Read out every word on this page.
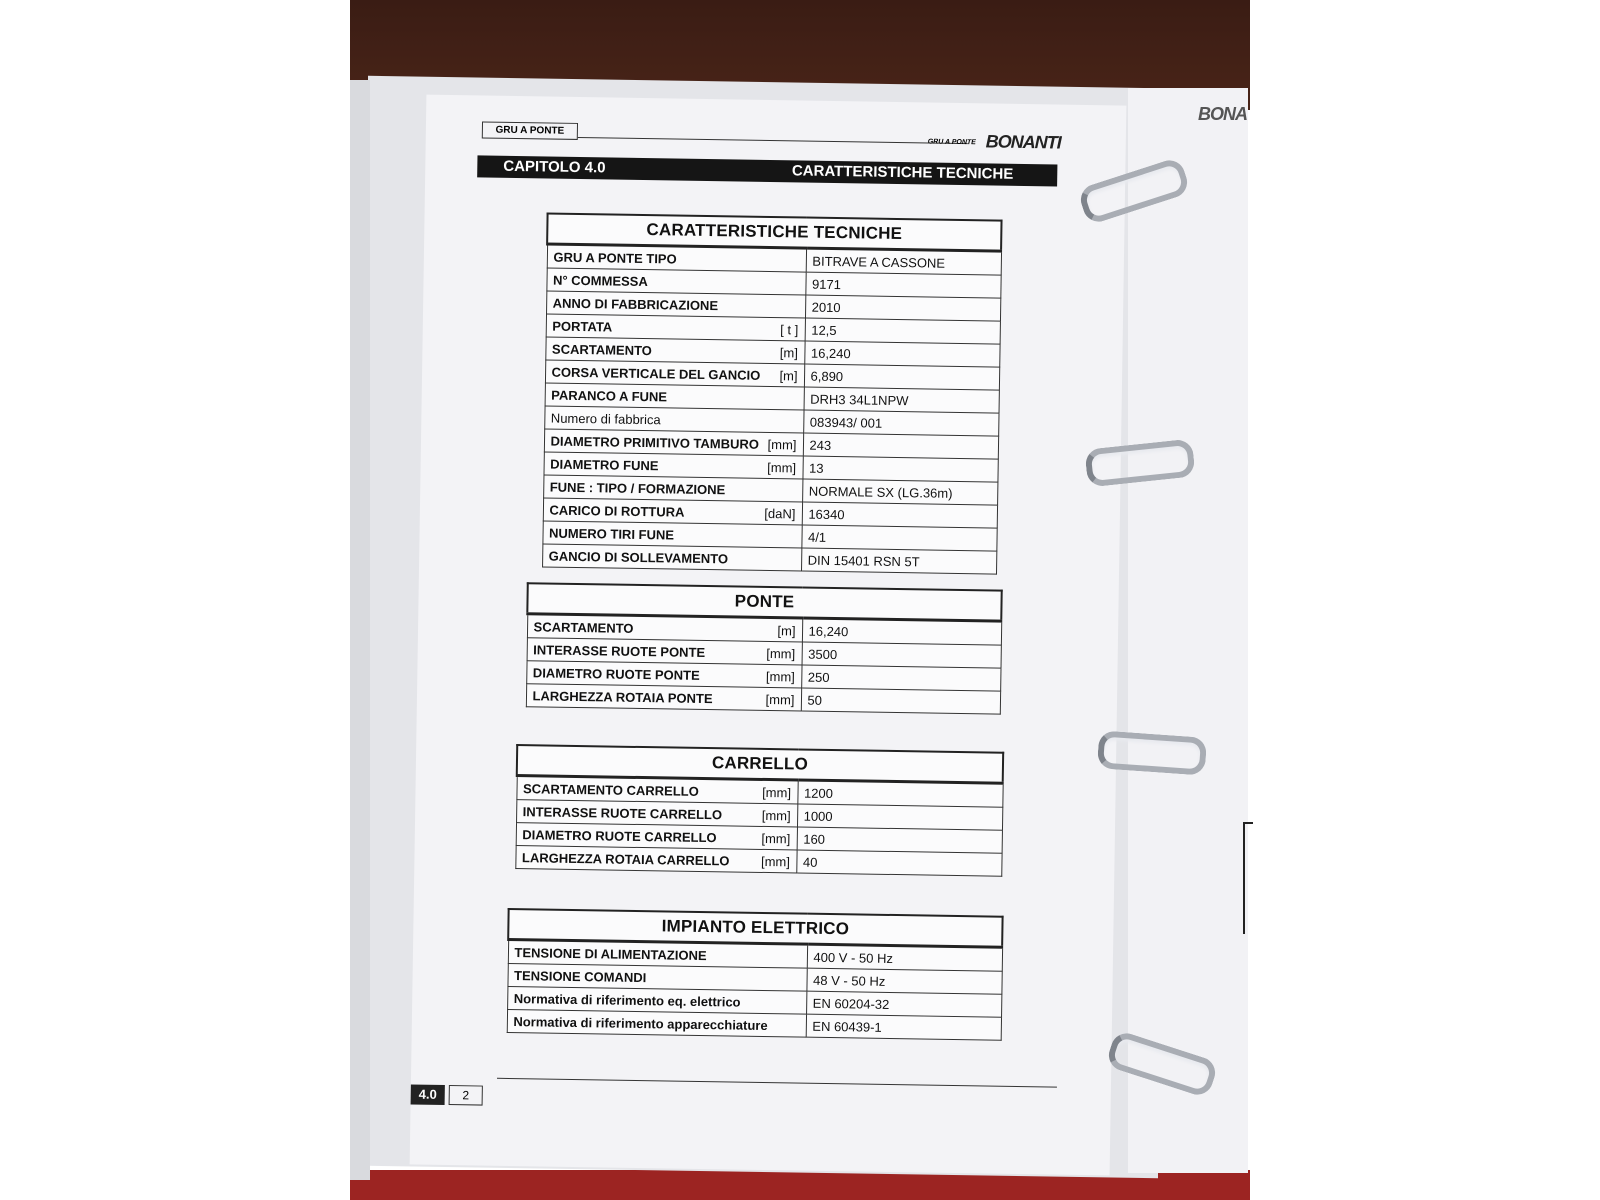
BONA
GRU A PONTE
GRU A PONTE BONANTI
CAPITOLO 4.0	CARATTERISTICHE TECNICHE
CARATTERISTICHE TECNICHE	
GRU A PONTE TIPO	BITRAVE A CASSONE
N° COMMESSA	9171
ANNO DI FABBRICAZIONE	2010
PORTATA [ t ]	12,5
SCARTAMENTO [m]	16,240
CORSA VERTICALE DEL GANCIO [m]	6,890
PARANCO A FUNE	DRH3 34L1NPW
Numero di fabbrica	083943/ 001
DIAMETRO PRIMITIVO TAMBURO [mm]	243
DIAMETRO FUNE [mm]	13
FUNE : TIPO / FORMAZIONE	NORMALE SX (LG.36m)
CARICO DI ROTTURA [daN]	16340
NUMERO TIRI FUNE	4/1
GANCIO DI SOLLEVAMENTO	DIN 15401 RSN 5T
PONTE	
SCARTAMENTO [m]	16,240
INTERASSE RUOTE PONTE [mm]	3500
DIAMETRO RUOTE PONTE [mm]	250
LARGHEZZA ROTAIA PONTE [mm]	50
CARRELLO	
SCARTAMENTO CARRELLO [mm]	1200
INTERASSE RUOTE CARRELLO [mm]	1000
DIAMETRO RUOTE CARRELLO [mm]	160
LARGHEZZA ROTAIA CARRELLO [mm]	40
IMPIANTO ELETTRICO	
TENSIONE DI ALIMENTAZIONE	400 V - 50 Hz
TENSIONE COMANDI	48 V - 50 Hz
Normativa di riferimento eq. elettrico	EN 60204-32
Normativa di riferimento apparecchiature	EN 60439-1
4.0	2
